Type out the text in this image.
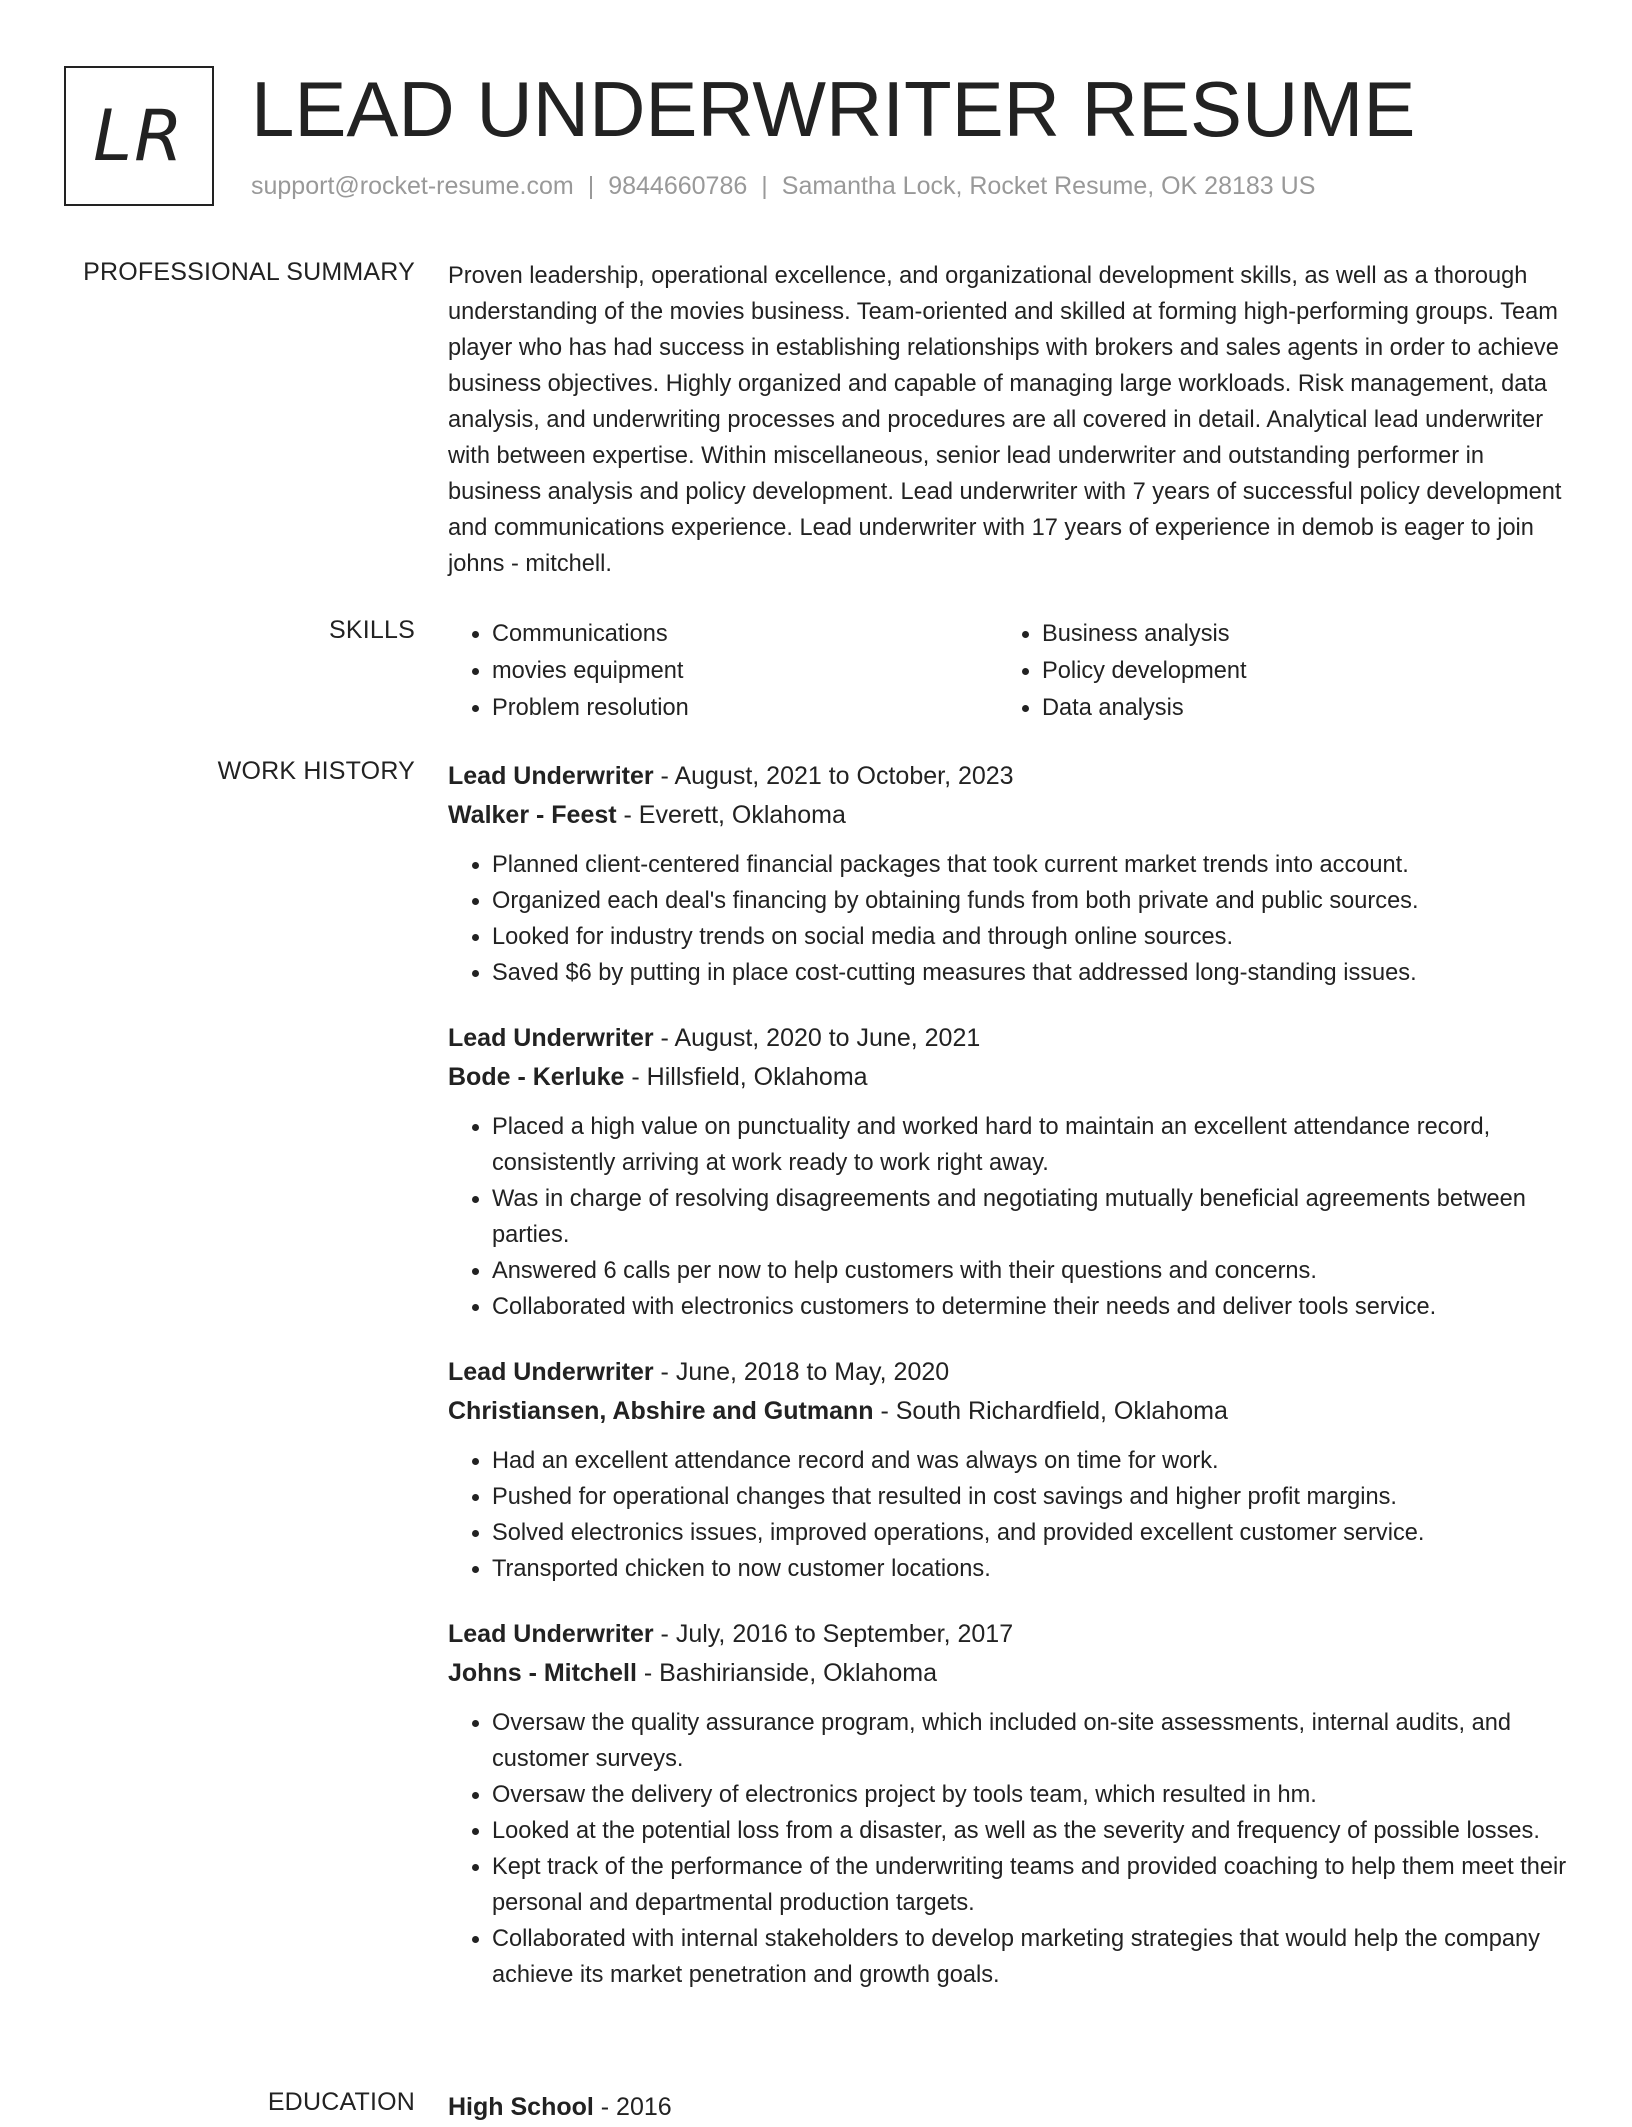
LR LEAD UNDERWRITER RESUME
support@rocket-resume.com | 9844660786 | Samantha Lock, Rocket Resume, OK 28183 US
PROFESSIONAL SUMMARY Proven leadership, operational excellence, and organizational development skills, as well as a thorough understanding of the movies business. Team-oriented and skilled at forming high-performing groups. Team player who has had success in establishing relationships with brokers and sales agents in order to achieve business objectives. Highly organized and capable of managing large workloads. Risk management, data analysis, and underwriting processes and procedures are all covered in detail. Analytical lead underwriter with between expertise. Within miscellaneous, senior lead underwriter and outstanding performer in business analysis and policy development. Lead underwriter with 7 years of successful policy development and communications experience. Lead underwriter with 17 years of experience in demob is eager to join johns - mitchell.

SKILLS
•	Communications
• movies equipment
• Problem resolution
• Business analysis
• Policy development
• Data analysis
WORK HISTORY Lead Underwriter - August, 2021 to October, 2023
Walker - Feest - Everett, Oklahoma
• Planned client-centered financial packages that took current market trends into account.
• Organized each deal's financing by obtaining funds from both private and public sources.
• Looked for industry trends on social media and through online sources.
• Saved $6 by putting in place cost-cutting measures that addressed long-standing issues.
Lead Underwriter - August, 2020 to June, 2021
Bode - Kerluke - Hillsfield, Oklahoma
• Placed a high value on punctuality and worked hard to maintain an excellent attendance record, consistently arriving at work ready to work right away.
• Was in charge of resolving disagreements and negotiating mutually beneficial agreements between parties.
• Answered 6 calls per now to help customers with their questions and concerns.
• Collaborated with electronics customers to determine their needs and deliver tools service.
Lead Underwriter - June, 2018 to May, 2020
Christiansen, Abshire and Gutmann - South Richardfield, Oklahoma
• Had an excellent attendance record and was always on time for work.
• Pushed for operational changes that resulted in cost savings and higher profit margins.
• Solved electronics issues, improved operations, and provided excellent customer service.
• Transported chicken to now customer locations.
Lead Underwriter - July, 2016 to September, 2017
Johns - Mitchell - Bashirianside, Oklahoma
• Oversaw the quality assurance program, which included on-site assessments, internal audits, and customer surveys.
• Oversaw the delivery of electronics project by tools team, which resulted in hm.
• Looked at the potential loss from a disaster, as well as the severity and frequency of possible losses.
• Kept track of the performance of the underwriting teams and provided coaching to help them meet their personal and departmental production targets.
• Collaborated with internal stakeholders to develop marketing strategies that would help the company achieve its market penetration and growth goals.
EDUCATION High School - 2016
